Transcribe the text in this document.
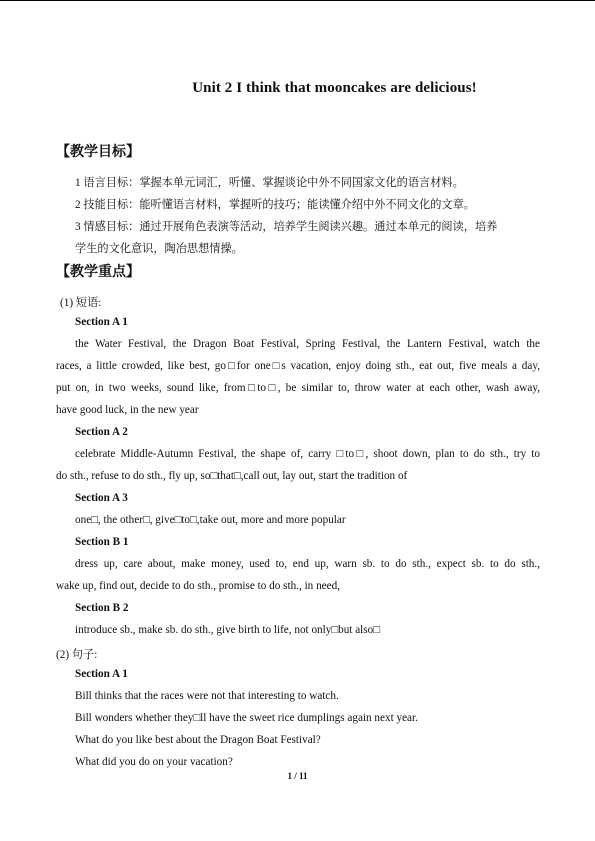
Unit 2 I think that mooncakes are delicious!
【教学目标】
1 语言目标：掌握本单元词汇，听懂、掌握谈论中外不同国家文化的语言材料。
2 技能目标：能听懂语言材料，掌握听的技巧；能读懂介绍中外不同文化的文章。
3 情感目标：通过开展角色表演等活动，培养学生阅读兴趣。通过本单元的阅读，培养
学生的文化意识，陶冶思想情操。
【教学重点】
(1) 短语:
Section A 1
the Water Festival, the Dragon Boat Festival, Spring Festival, the Lantern Festival, watch the
races, a little crowded, like best, go□for one□s vacation, enjoy doing sth., eat out, five meals a day,
put on, in two weeks, sound like, from□to□, be similar to, throw water at each other, wash away,
have good luck, in the new year
Section A 2
celebrate Middle-Autumn Festival, the shape of, carry □to□, shoot down, plan to do sth., try to
do sth., refuse to do sth., fly up, so□that□,call out, lay out, start the tradition of
Section A 3
one□, the other□, give□to□,take out, more and more popular
Section B 1
dress up, care about, make money, used to, end up, warn sb. to do sth., expect sb. to do sth.,
wake up, find out, decide to do sth., promise to do sth., in need,
Section B 2
introduce sb., make sb. do sth., give birth to life, not only□but also□
(2) 句子:
Section A 1
Bill thinks that the races were not that interesting to watch.
Bill wonders whether they□ll have the sweet rice dumplings again next year.
What do you like best about the Dragon Boat Festival?
What did you do on your vacation?
1 / 11
